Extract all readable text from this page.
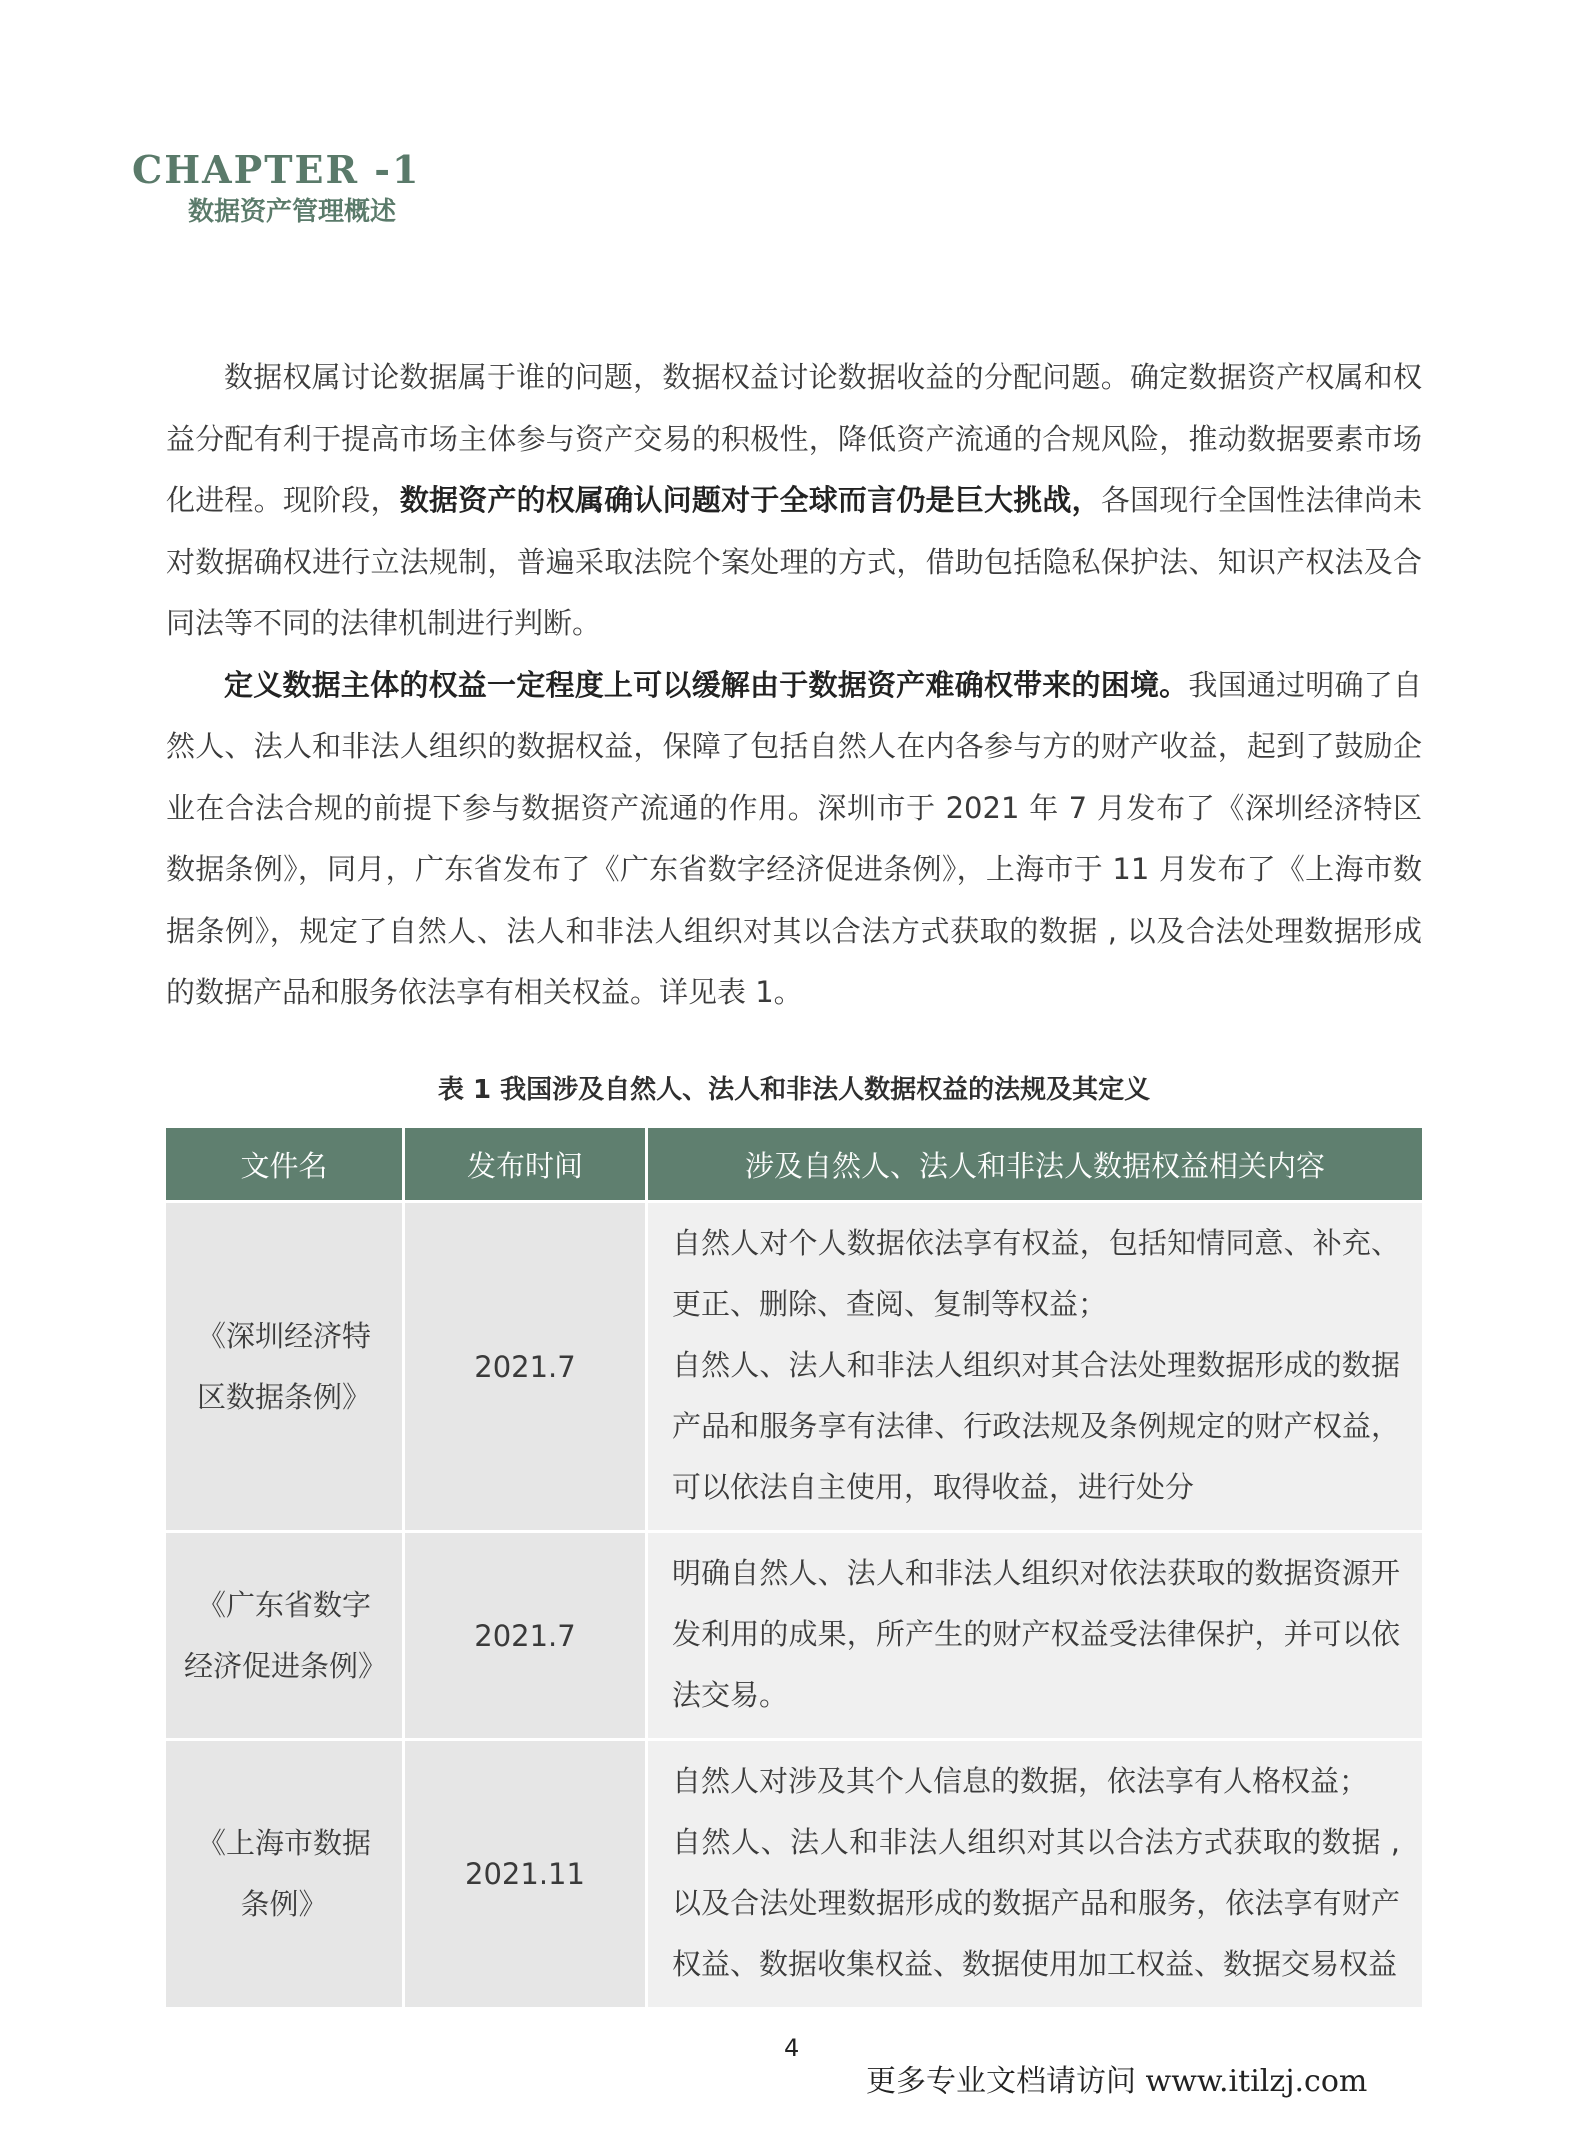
CHAPTER -1
数据资产管理概述

数据权属讨论数据属于谁的问题，数据权益讨论数据收益的分配问题。确定数据资产权属和权益分配有利于提高市场主体参与资产交易的积极性，降低资产流通的合规风险，推动数据要素市场化进程。现阶段，数据资产的权属确认问题对于全球而言仍是巨大挑战，各国现行全国性法律尚未对数据确权进行立法规制，普遍采取法院个案处理的方式，借助包括隐私保护法、知识产权法及合同法等不同的法律机制进行判断。

定义数据主体的权益一定程度上可以缓解由于数据资产难确权带来的困境。我国通过明确了自然人、法人和非法人组织的数据权益，保障了包括自然人在内各参与方的财产收益，起到了鼓励企业在合法合规的前提下参与数据资产流通的作用。深圳市于 2021 年 7 月发布了《深圳经济特区数据条例》，同月，广东省发布了《广东省数字经济促进条例》，上海市于 11 月发布了《上海市数据条例》，规定了自然人、法人和非法人组织对其以合法方式获取的数据 , 以及合法处理数据形成的数据产品和服务依法享有相关权益。详见表 1。

表 1 我国涉及自然人、法人和非法人数据权益的法规及其定义
文件名	发布时间	涉及自然人、法人和非法人数据权益相关内容
《深圳经济特区数据条例》	2021.7	自然人对个人数据依法享有权益，包括知情同意、补充、更正、删除、查阅、复制等权益；
自然人、法人和非法人组织对其合法处理数据形成的数据产品和服务享有法律、行政法规及条例规定的财产权益，可以依法自主使用，取得收益，进行处分

《广东省数字经济促进条例》	2021.7	明确自然人、法人和非法人组织对依法获取的数据资源开发利用的成果，所产生的财产权益受法律保护，并可以依法交易。

《上海市数据条例》	2021.11	自然人对涉及其个人信息的数据，依法享有人格权益；
自然人、法人和非法人组织对其以合法方式获取的数据 , 以及合法处理数据形成的数据产品和服务，依法享有财产权益、数据收集权益、数据使用加工权益、数据交易权益
4
更多专业文档请访问 www.itilzj.com
